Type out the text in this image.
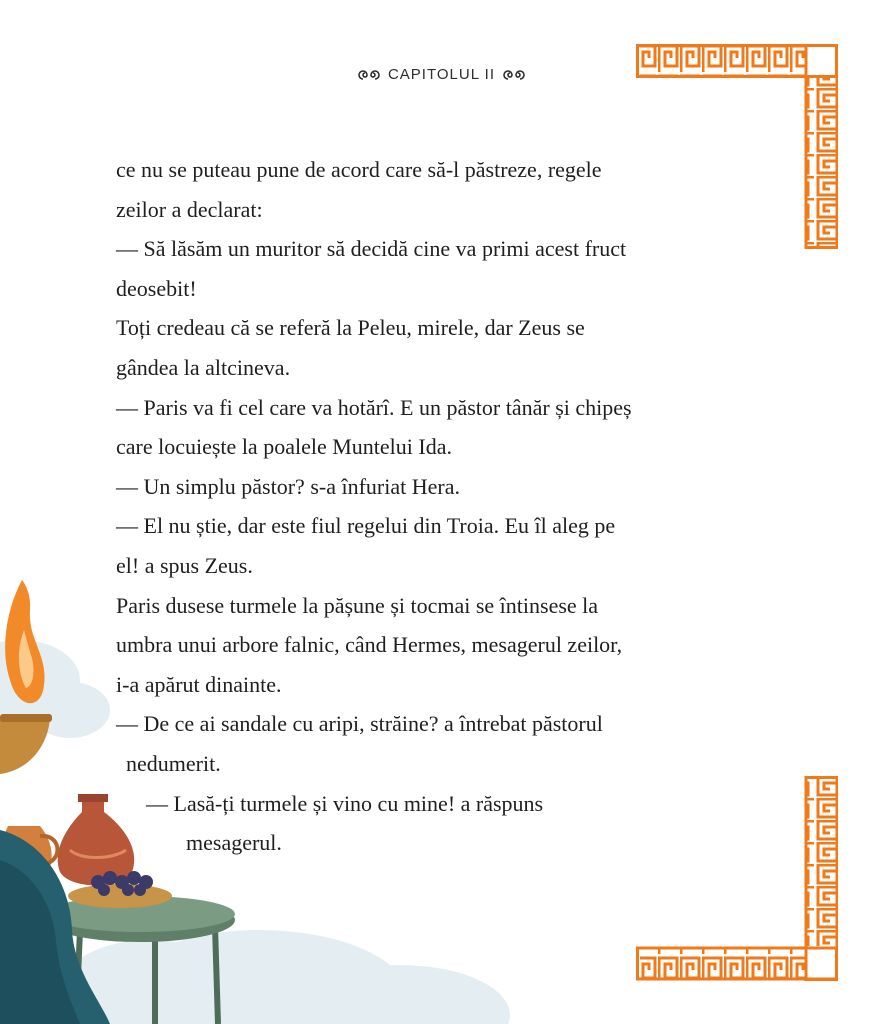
CAPITOLUL II
ce nu se puteau pune de acord care să-l păstreze, regele
zeilor a declarat:
— Să lăsăm un muritor să decidă cine va primi acest fruct
deosebit!
Toți credeau că se referă la Peleu, mirele, dar Zeus se
gândea la altcineva.
— Paris va fi cel care va hotărî. E un păstor tânăr și chipeș
care locuiește la poalele Muntelui Ida.
— Un simplu păstor? s-a înfuriat Hera.
— El nu știe, dar este fiul regelui din Troia. Eu îl aleg pe
el! a spus Zeus.
Paris dusese turmele la pășune și tocmai se întinsese la
umbra unui arbore falnic, când Hermes, mesagerul zeilor,
i-a apărut dinainte.
— De ce ai sandale cu aripi, străine? a întrebat păstorul
nedumerit.
— Lasă-ți turmele și vino cu mine! a răspuns
mesagerul.
